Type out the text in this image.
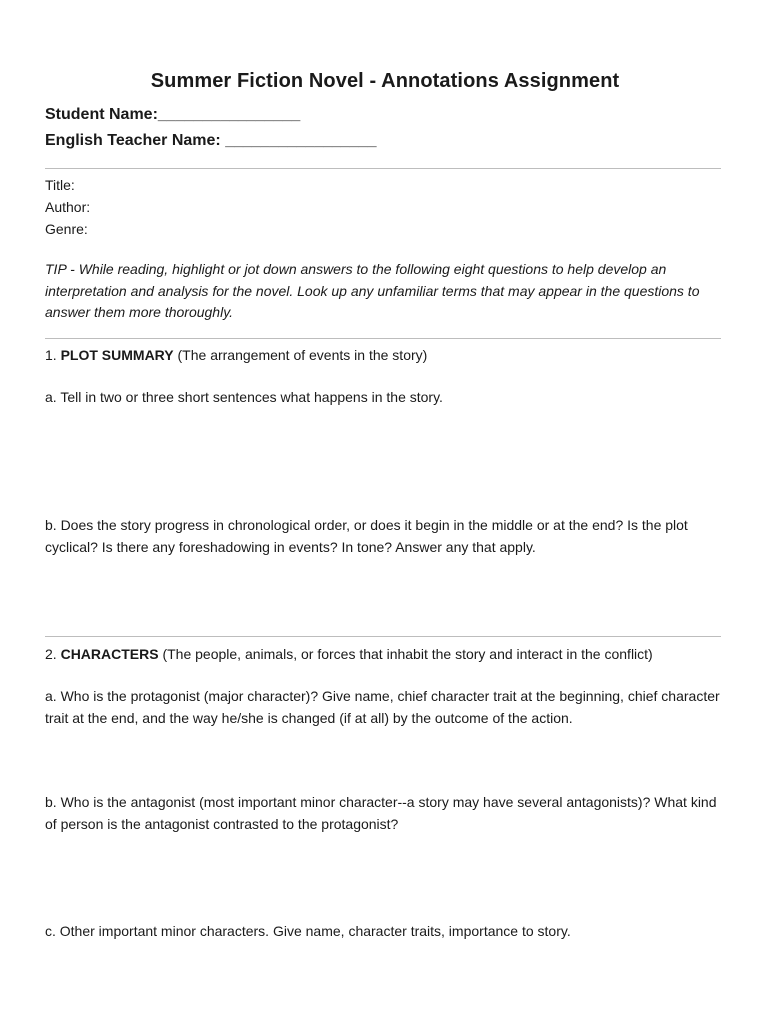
Summer Fiction Novel - Annotations Assignment
Student Name:________________
English Teacher Name: _________________
Title:
Author:
Genre:
TIP - While reading, highlight or jot down answers to the following eight questions to help develop an interpretation and analysis for the novel. Look up any unfamiliar terms that may appear in the questions to answer them more thoroughly.
1. PLOT SUMMARY (The arrangement of events in the story)
a. Tell in two or three short sentences what happens in the story.
b. Does the story progress in chronological order, or does it begin in the middle or at the end? Is the plot cyclical? Is there any foreshadowing in events? In tone? Answer any that apply.
2. CHARACTERS (The people, animals, or forces that inhabit the story and interact in the conflict)
a. Who is the protagonist (major character)? Give name, chief character trait at the beginning, chief character trait at the end, and the way he/she is changed (if at all) by the outcome of the action.
b. Who is the antagonist (most important minor character--a story may have several antagonists)? What kind of person is the antagonist contrasted to the protagonist?
c. Other important minor characters. Give name, character traits, importance to story.
